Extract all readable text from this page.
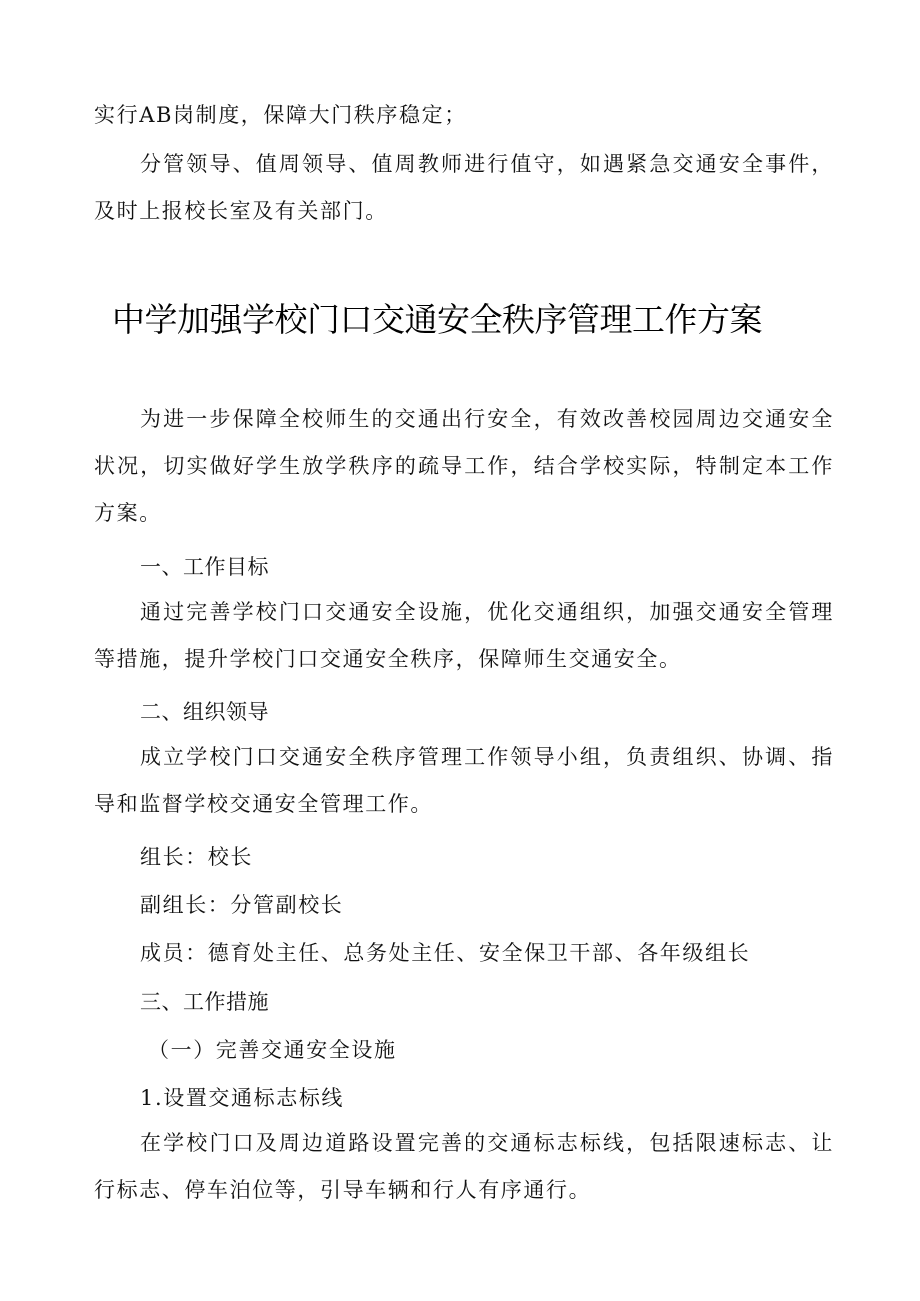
实行AB岗制度，保障大门秩序稳定；

分管领导、值周领导、值周教师进行值守，如遇紧急交通安全事件，及时上报校长室及有关部门。

中学加强学校门口交通安全秩序管理工作方案

为进一步保障全校师生的交通出行安全，有效改善校园周边交通安全状况，切实做好学生放学秩序的疏导工作，结合学校实际，特制定本工作方案。

一、工作目标

通过完善学校门口交通安全设施，优化交通组织，加强交通安全管理等措施，提升学校门口交通安全秩序，保障师生交通安全。

二、组织领导

成立学校门口交通安全秩序管理工作领导小组，负责组织、协调、指导和监督学校交通安全管理工作。

组长：校长
副组长：分管副校长
成员：德育处主任、总务处主任、安全保卫干部、各年级组长
三、工作措施
（一）完善交通安全设施
1.设置交通标志标线

在学校门口及周边道路设置完善的交通标志标线，包括限速标志、让行标志、停车泊位等，引导车辆和行人有序通行。
